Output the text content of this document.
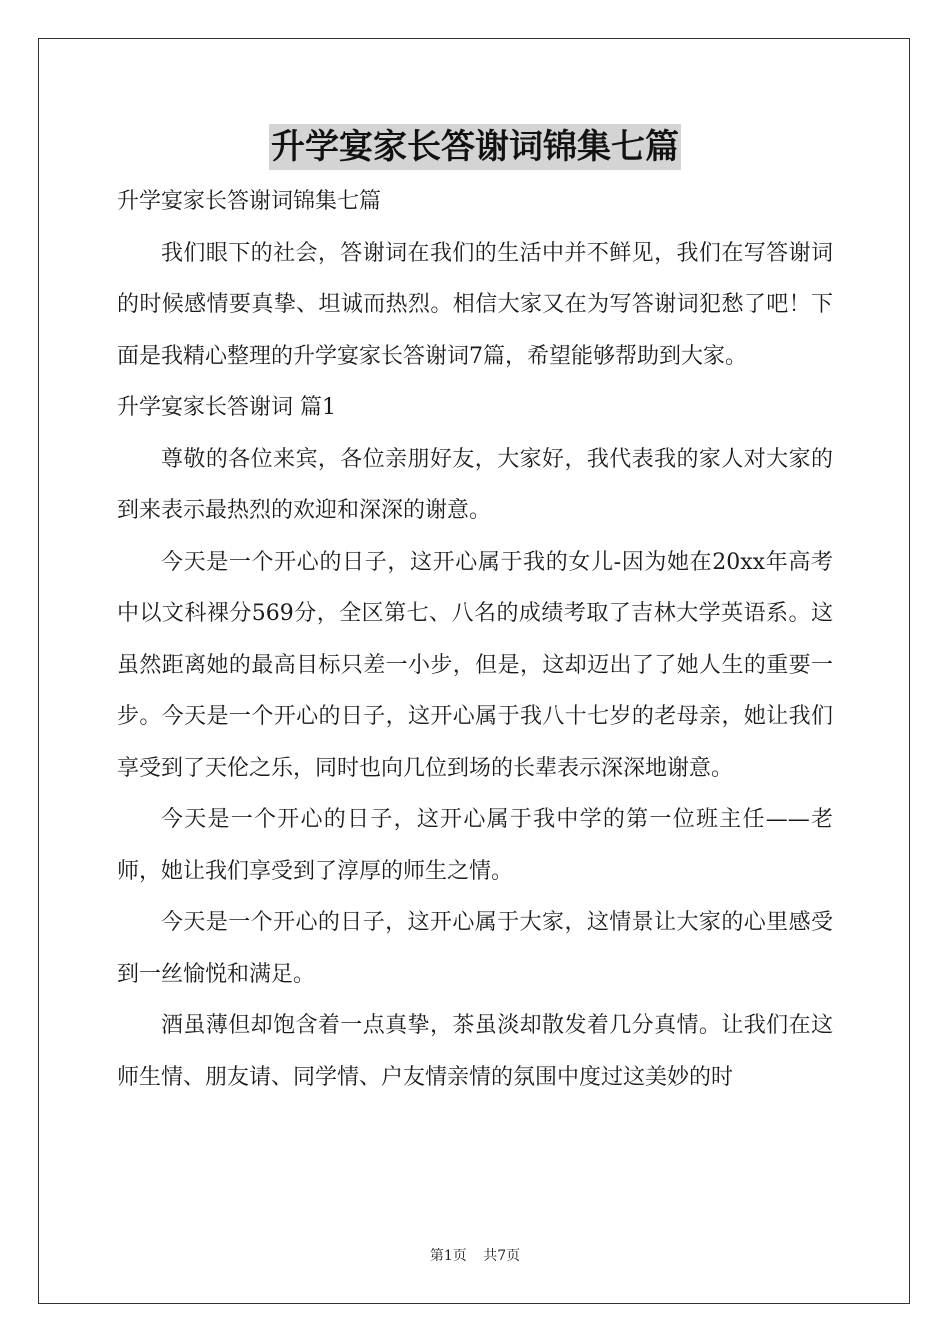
升学宴家长答谢词锦集七篇

升学宴家长答谢词锦集七篇

我们眼下的社会，答谢词在我们的生活中并不鲜见，我们在写答谢词的时候感情要真挚、坦诚而热烈。相信大家又在为写答谢词犯愁了吧！下面是我精心整理的升学宴家长答谢词7篇，希望能够帮助到大家。

升学宴家长答谢词 篇1

尊敬的各位来宾，各位亲朋好友，大家好，我代表我的家人对大家的到来表示最热烈的欢迎和深深的谢意。

今天是一个开心的日子，这开心属于我的女儿-因为她在20xx年高考中以文科裸分569分，全区第七、八名的成绩考取了吉林大学英语系。这虽然距离她的最高目标只差一小步，但是，这却迈出了了她人生的重要一步。今天是一个开心的日子，这开心属于我八十七岁的老母亲，她让我们享受到了天伦之乐，同时也向几位到场的长辈表示深深地谢意。

今天是一个开心的日子，这开心属于我中学的第一位班主任——老师，她让我们享受到了淳厚的师生之情。

今天是一个开心的日子，这开心属于大家，这情景让大家的心里感受到一丝愉悦和满足。

酒虽薄但却饱含着一点真挚，茶虽淡却散发着几分真情。让我们在这师生情、朋友请、同学情、户友情亲情的氛围中度过这美妙的时

第1页 共7页
